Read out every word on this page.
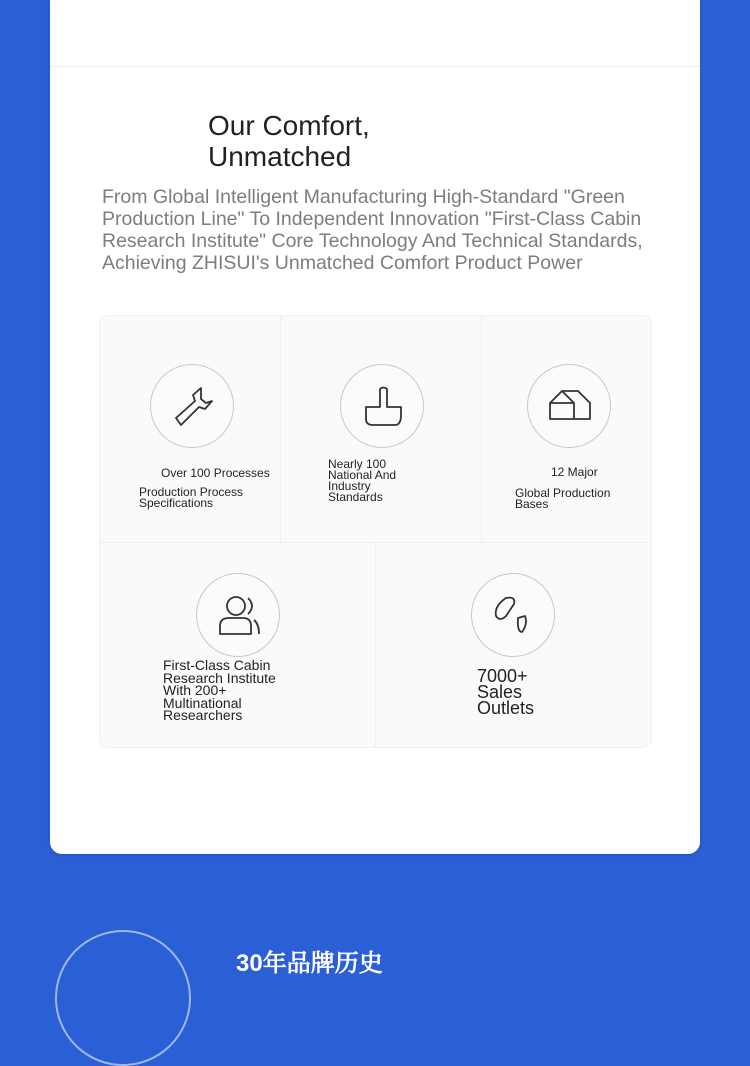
Our Comfort,
Unmatched

From Global Intelligent Manufacturing High-Standard "Green Production Line" To Independent Innovation "First-Class Cabin Research Institute" Core Technology And Technical Standards, Achieving ZHISUI's Unmatched Comfort Product Power

Over 100 Processes

Production Process
Specifications

Nearly 100
National And
Industry
Standards

12 Major

Global Production
Bases

First-Class Cabin
Research Institute
With 200+
Multinational
Researchers

7000+
Sales
Outlets

30年品牌历史
